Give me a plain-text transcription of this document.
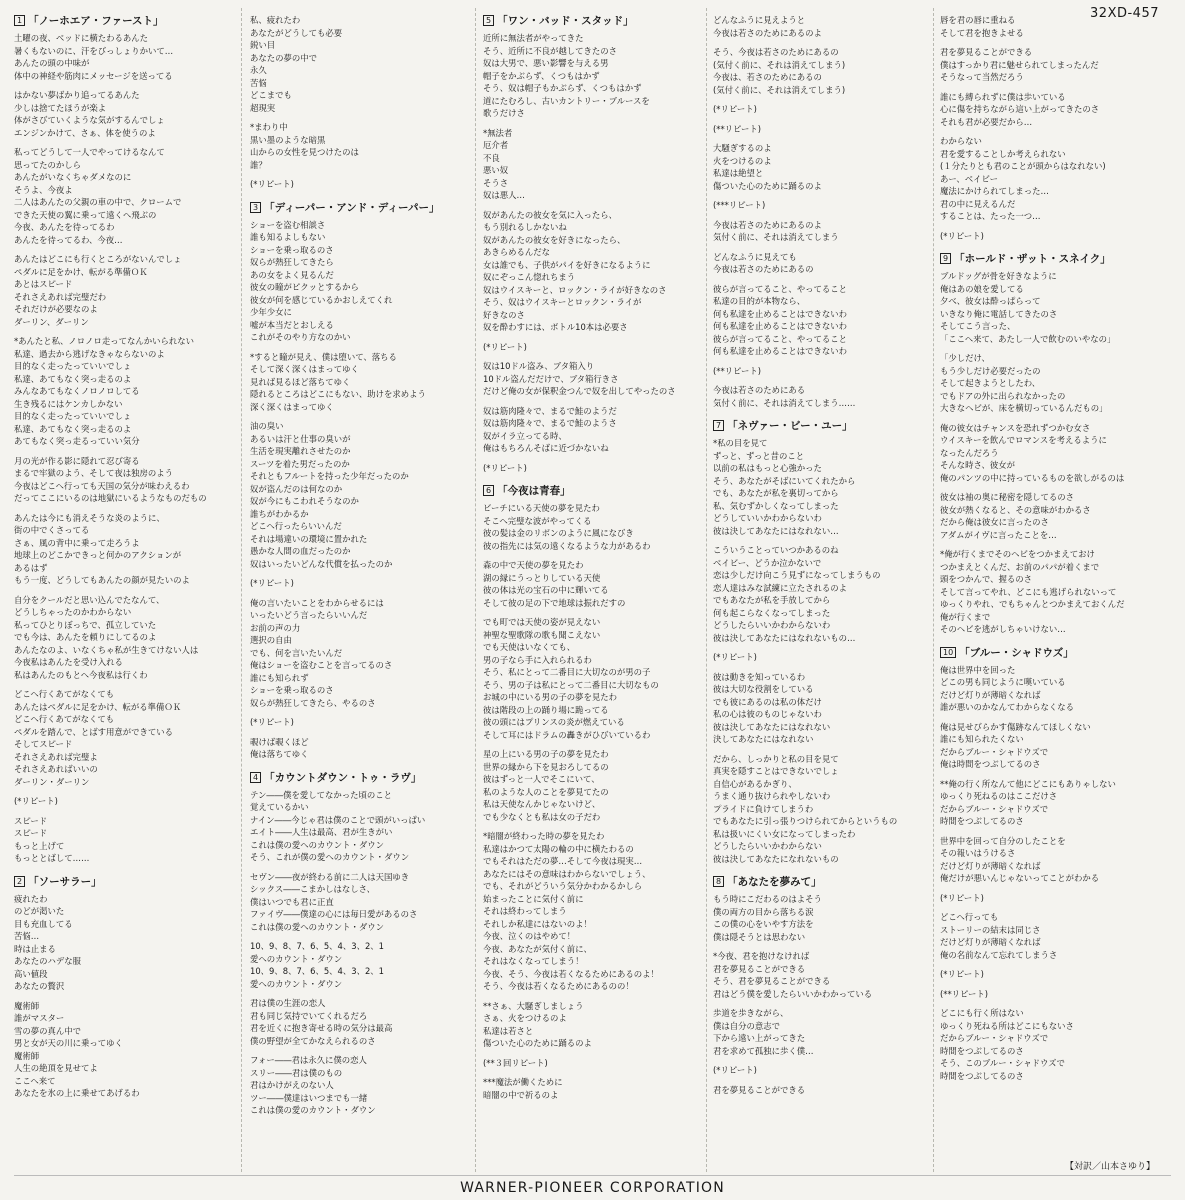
32XD-457
1 「ノーホエア・ファースト」
土曜の夜、ベッドに横たわるあんた
暑くもないのに、汗をびっしょりかいて…
あんたの頭の中味が
体中の神経や筋肉にメッセージを送ってる
はかない夢ばかり追ってるあんた
少しは捨てたほうが楽よ
体がさびていくような気がするんでしょ
エンジンかけて、さぁ、体を使うのよ
私ってどうして一人でやってけるなんて
思ってたのかしら
あんたがいなくちゃダメなのに
そうよ、今夜よ
二人はあんたの父親の車の中で、クロームで
できた天使の翼に乗って遠くへ飛ぶの
今夜、あんたを待ってるわ
あんたを待ってるわ、今夜…
あんたはどこにも行くところがないんでしょ
ペダルに足をかけ、転がる準備ＯＫ
あとはスピード
それさえあれば完璧だわ
それだけが必要なのよ
ダーリン、ダーリン
*あんたと私、ノロノロ走ってなんかいられない
私達、過去から逃げなきゃならないのよ
目的なく走ったっていいでしょ
私達、あてもなく突っ走るのよ
みんなあてもなくノロノロしてる
生き残るにはケンカしかない
目的なく走ったっていいでしょ
私達、あてもなく突っ走るのよ
あてもなく突っ走るっていい気分
月の光が作る影に隠れて忍び寄る
まるで牢獄のよう、そして夜は独房のよう
今夜はどこへ行っても天国の気分が味わえるわ
だってここにいるのは地獄にいるようなものだもの
あんたは今にも消えそうな炎のように、
街の中でくさってる
さぁ、風の背中に乗って走ろうよ
地球上のどこかできっと何かのアクションが
あるはず
もう一度、どうしてもあんたの顔が見たいのよ
自分をクールだと思い込んでたなんて、
どうしちゃったのかわからない
私ってひとりぼっちで、孤立していた
でも今は、あんたを頼りにしてるのよ
あんたなのよ、いなくちゃ私が生きてけない人は
今夜私はあんたを受け入れる
私はあんたのもとへ今夜私は行くわ
どこへ行くあてがなくても
あんたはペダルに足をかけ、転がる準備ＯＫ
どこへ行くあてがなくても
ペダルを踏んで、とばす用意ができている
そしてスピード
それさえあれば完璧よ
それさえあればいいの
ダーリン・ダーリン
(*リピート)
スピード
スピード
もっと上げて
もっととばして……
2 「ソーサラー」
疲れたわ
のどが渇いた
目も充血してる
苦悩…
時は止まる
あなたのハデな服
高い値段
あなたの贅沢
魔術師
誰がマスター
雪の夢の真ん中で
男と女が天の川に乗ってゆく
魔術師
人生の絶頂を見せてよ
ここへ来て
あなたを氷の上に乗せてあげるわ
私、疲れたわ
あなたがどうしても必要
鋭い目
あなたの夢の中で
永久
苦悩
どこまでも
超現実
*まわり中
黒い墨のような暗黒
山からの女性を見つけたのは
誰？
(*リピート)
3 「ディーパー・アンド・ディーパー」
ショーを盗む相談さ
誰も知るよしもない
ショーを乗っ取るのさ
奴らが熱狂してきたら
あの女をよく見るんだ
彼女の瞳がピクッとするから
彼女が何を感じているかおしえてくれ
少年少女に
嘘が本当だとおしえる
これがそのやり方なのかい
*すると瞳が見え、僕は堕いて、落ちる
そして深く深くはまってゆく
見れば見るほど落ちてゆく
隠れるところはどこにもない、助けを求めよう
深く深くはまってゆく
油の臭い
あるいは汗と仕事の臭いが
生活を現実離れさせたのか
スーツを着た男だったのか
それともフルートを持った少年だったのか
奴が盗んだのは何なのか
奴が今にもこわれそうなのか
誰ちがわかるか
どこへ行ったらいいんだ
それは場違いの環境に置かれた
愚かな人間の血だったのか
奴はいったいどんな代償を払ったのか
(*リピート)
俺の言いたいことをわからせるには
いったいどう言ったらいいんだ
お前の声の力
選択の自由
でも、何を言いたいんだ
俺はショーを盗むことを言ってるのさ
誰にも知られず
ショーを乗っ取るのさ
奴らが熱狂してきたら、やるのさ
(*リピート)
覗けば覗くほど
俺は落ちてゆく
4 「カウントダウン・トゥ・ラヴ」
テン――僕を愛してなかった頃のこと
覚えているかい
ナイン――今じゃ君は僕のことで頭がいっぱい
エイト――人生は最高、君が生きがい
これは僕の愛へのカウント・ダウン
そう、これが僕の愛へのカウント・ダウン
セヴン――夜が終わる前に二人は天国ゆき
シックス――こまかしはなしさ、
僕はいつでも君に正直
ファイヴ――僕達の心には毎日愛があるのさ
これは僕の愛へのカウント・ダウン
10、9、8、7、6、5、4、3、2、1
愛へのカウント・ダウン
10、9、8、7、6、5、4、3、2、1
愛へのカウント・ダウン
君は僕の生涯の恋人
君も同じ気持でいてくれるだろ
君を近くに抱き寄せる時の気分は最高
僕の野望が全てかなえられるのさ
フォー――君は永久に僕の恋人
スリー――君は僕のもの
君はかけがえのない人
ツー――僕達はいつまでも一緒
これは僕の愛のカウント・ダウン
5 「ワン・バッド・スタッド」
近所に無法者がやってきた
そう、近所に不良が越してきたのさ
奴は大男で、悪い影響を与える男
帽子をかぶらず、くつもはかず
そう、奴は帽子もかぶらず、くつもはかず
道にたむろし、古いカントリー・ブルースを
歌うだけさ
*無法者
厄介者
不良
悪い奴
そうさ
奴は悪人…
奴があんたの彼女を気に入ったら、
もう別れるしかないね
奴があんたの彼女を好きになったら、
あきらめるんだな
女は誰でも、子供がパイを好きになるように
奴にぞっこん惚れちまう
奴はウイスキーと、ロックン・ライが好きなのさ
そう、奴はウイスキーとロックン・ライが
好きなのさ
奴を酔わすには、ボトル10本は必要さ
(*リピート)
奴は10ドル盗み、ブタ箱入り
10ドル盗んだだけで、ブタ箱行きさ
だけど俺の女が保釈金つんで奴を出してやったのさ
奴は筋肉隆々で、まるで鮭のようだ
奴は筋肉隆々で、まるで鮭のようさ
奴がイラ立ってる時、
俺はもちろんそばに近づかないね
(*リピート)
6 「今夜は青春」
ビーチにいる天使の夢を見たわ
そこへ完璧な波がやってくる
彼の髪は金のリボンのように風になびき
彼の指先には気の遠くなるような力があるわ
森の中で天使の夢を見たわ
湖の縁にうっとりしている天使
彼の体は光の宝石の中に輝いてる
そして彼の足の下で地球は振れだすの
でも町では天使の姿が見えない
神聖な聖歌隊の歌も聞こえない
でも天使はいなくても、
男の子なら手に入れられるわ
そう、私にとって二番目に大切なのが男の子
そう、男の子は私にとって二番目に大切なもの
お城の中にいる男の子の夢を見たわ
彼は階段の上の踊り場に跪ってる
彼の頭にはプリンスの炎が燃えている
そして耳にはドラムの轟きがひびいているわ
星の上にいる男の子の夢を見たわ
世界の縁から下を見おろしてるの
彼はずっと一人でそこにいて、
私のような人のことを夢見てたの
私は天使なんかじゃないけど、
でも少なくとも私は女の子だわ
*暗闇が終わった時の夢を見たわ
私達はかつて太陽の輪の中に横たわるの
でもそれはただの夢…そして今夜は現実…
あなたにはその意味はわからないでしょう、
でも、それがどういう気分かわかるかしら
始まったことに気付く前に
それは終わってしまう
それしか私達にはないのよ！
今夜、泣くのはやめて！
今夜、あなたが気付く前に、
それはなくなってしまう！
今夜、そう、今夜は若くなるためにあるのよ！
そう、今夜は若くなるためにあるのの！
**さぁ、大騒ぎしましょう
さぁ、火をつけるのよ
私達は若さと
傷ついた心のために踊るのよ
(**３回リピート)
***魔法が働くために
暗闇の中で祈るのよ
どんなふうに見えようと
今夜は若さのためにあるのよ
そう、今夜は若さのためにあるの
(気付く前に、それは消えてしまう)
今夜は、若さのためにあるの
(気付く前に、それは消えてしまう)
(*リピート)
(**リピート)
大騒ぎするのよ
火をつけるのよ
私達は絶望と
傷ついた心のために踊るのよ
(***リピート)
今夜は若さのためにあるのよ
気付く前に、それは消えてしまう
どんなふうに見えても
今夜は若さのためにあるの
彼らが言ってること、やってること
私達の目的が本物なら、
何も私達を止めることはできないわ
何も私達を止めることはできないわ
彼らが言ってること、やってること
何も私達を止めることはできないわ
(**リピート)
今夜は若さのためにある
気付く前に、それは消えてしまう……
7 「ネヴァー・ビー・ユー」
*私の目を見て
ずっと、ずっと昔のこと
以前の私はもっと心強かった
そう、あなたがそばにいてくれたから
でも、あなたが私を裏切ってから
私、気むずかしくなってしまった
どうしていいかわからないわ
彼は決してあなたにはなれない…
こういうことっていつかあるのね
ベイビー、どうか泣かないで
恋は少しだけ向こう見ずになってしまうもの
恋人達はみな試練に立たされるのよ
でもあなたが私を手放してから
何も起こらなくなってしまった
どうしたらいいかわからないわ
彼は決してあなたにはなれないもの…
(*リピート)
彼は動きを知っているわ
彼は大切な役割をしている
でも彼にあるのは私の体だけ
私の心は彼のものじゃないわ
彼は決してあなたにはなれない
決してあなたにはなれない
だから、しっかりと私の目を見て
真実を隠すことはできないでしょ
自信心があるかぎり、
うまく通り抜けられやしないわ
プライドに負けてしまうわ
でもあなたに引っ張りつけられてからというもの
私は扱いにくい女になってしまったわ
どうしたらいいかわからない
彼は決してあなたになれないもの
8 「あなたを夢みて」
もう時にこだわるのはよそう
僕の両方の目から落ちる涙
この僕の心をいやす方法を
僕は隠そうとは思わない
*今夜、君を抱けなければ
君を夢見ることができる
そう、君を夢見ることができる
君はどう僕を愛したらいいかわかっている
歩道を歩きながら、
僕は自分の意志で
下から遠い上がってきた
君を求めて孤独に歩く僕…
(*リピート)
君を夢見ることができる
唇を君の唇に重ねる
そして君を抱きよせる
君を夢見ることができる
僕はすっかり君に魅せられてしまったんだ
そうなって当然だろう
誰にも縛られずに僕は歩いている
心に傷を持ちながら這い上がってきたのさ
それも君が必要だから…
わからない
君を愛することしか考えられない
(１分たりとも君のことが頭からはなれない)
あー、ベイビー
魔法にかけられてしまった…
君の中に見えるんだ
することは、たった一つ…
(*リピート)
9 「ホールド・ザット・スネイク」
ブルドッグが骨を好きなように
俺はあの娘を愛してる
夕べ、彼女は酔っぱらって
いきなり俺に電話してきたのさ
そしてこう言った、
「ここへ来て、あたし一人で飲むのいやなの」
「少しだけ、
もう少しだけ必要だったの
そして起きようとしたわ、
でもドアの外に出られなかったの
大きなヘビが、床を横切っているんだもの」
俺の彼女はチャンスを恐れずつかむ女さ
ウイスキーを飲んでロマンスを考えるように
なったんだろう
そんな時さ、彼女が
俺のパンツの中に持っているものを欲しがるのは
彼女は袖の奥に秘密を隠してるのさ
彼女が熱くなると、その意味がわかるさ
だから俺は彼女に言ったのさ
アダムがイヴに言ったことを…
*俺が行くまでそのヘビをつかまえておけ
つかまえとくんだ、お前のパパが着くまで
頭をつかんで、握るのさ
そして言ってやれ、どこにも逃げられないって
ゆっくりやれ、でもちゃんとつかまえておくんだ
俺が行くまで
そのヘビを逃がしちゃいけない…
10 「ブルー・シャドウズ」
俺は世界中を回った
どこの男も同じように嘆いている
だけど灯りが薄暗くなれば
誰が悪いのかなんてわからなくなる
俺は見せびらかす傷跡なんてほしくない
誰にも知られたくない
だからブルー・シャドウズで
俺は時間をつぶしてるのさ
**俺の行く所なんて他にどこにもありゃしない
ゆっくり死ねるのはここだけさ
だからブルー・シャドウズで
時間をつぶしてるのさ
世界中を回って自分のしたことを
その報いはうけるさ
だけど灯りが薄暗くなれば
俺だけが悪いんじゃないってことがわかる
(*リピート)
どこへ行っても
ストーリーの結末は同じさ
だけど灯りが薄暗くなれば
俺の名前なんて忘れてしまうさ
(*リピート)
(**リピート)
どこにも行く所はない
ゆっくり死ねる所はどこにもないさ
だからブルー・シャドウズで
時間をつぶしてるのさ
そう、このブルー・シャドウズで
時間をつぶしてるのさ
【対訳／山本さゆり】
WARNER-PIONEER CORPORATION
